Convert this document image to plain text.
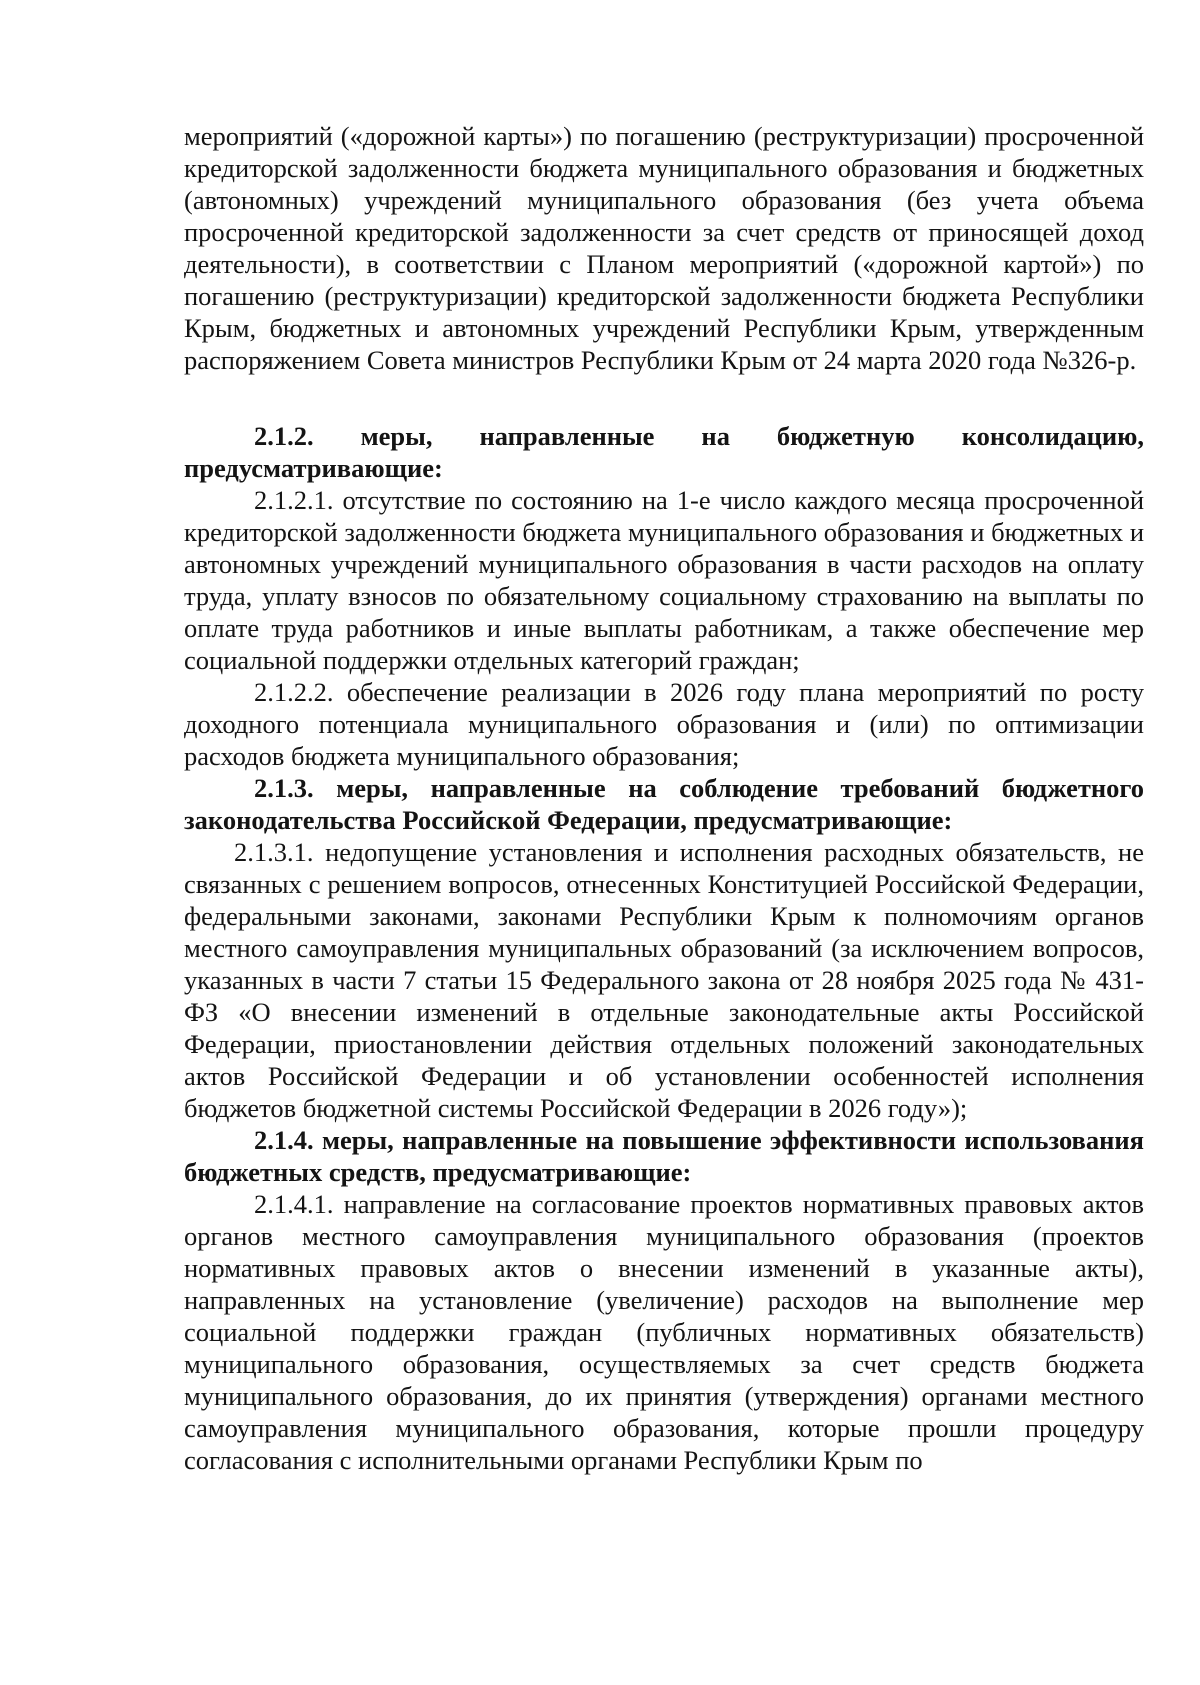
мероприятий («дорожной карты») по погашению (реструктуризации) просроченной кредиторской задолженности бюджета муниципального образования и бюджетных (автономных) учреждений муниципального образования (без учета объема просроченной кредиторской задолженности за счет средств от приносящей доход деятельности), в соответствии с Планом мероприятий («дорожной картой») по погашению (реструктуризации) кредиторской задолженности бюджета Республики Крым, бюджетных и автономных учреждений Республики Крым, утвержденным распоряжением Совета министров Республики Крым от 24 марта 2020 года №326-р.

2.1.2. меры, направленные на бюджетную консолидацию, предусматривающие:

2.1.2.1. отсутствие по состоянию на 1-е число каждого месяца просроченной кредиторской задолженности бюджета муниципального образования и бюджетных и автономных учреждений муниципального образования в части расходов на оплату труда, уплату взносов по обязательному социальному страхованию на выплаты по оплате труда работников и иные выплаты работникам, а также обеспечение мер социальной поддержки отдельных категорий граждан;

2.1.2.2. обеспечение реализации в 2026 году плана мероприятий по росту доходного потенциала муниципального образования и (или) по оптимизации расходов бюджета муниципального образования;

2.1.3. меры, направленные на соблюдение требований бюджетного законодательства Российской Федерации, предусматривающие:

2.1.3.1. недопущение установления и исполнения расходных обязательств, не связанных с решением вопросов, отнесенных Конституцией Российской Федерации, федеральными законами, законами Республики Крым к полномочиям органов местного самоуправления муниципальных образований (за исключением вопросов, указанных в части 7 статьи 15 Федерального закона от 28 ноября 2025 года № 431-ФЗ «О внесении изменений в отдельные законодательные акты Российской Федерации, приостановлении действия отдельных положений законодательных актов Российской Федерации и об установлении особенностей исполнения бюджетов бюджетной системы Российской Федерации в 2026 году»);

2.1.4. меры, направленные на повышение эффективности использования бюджетных средств, предусматривающие:

2.1.4.1. направление на согласование проектов нормативных правовых актов органов местного самоуправления муниципального образования (проектов нормативных правовых актов о внесении изменений в указанные акты), направленных на установление (увеличение) расходов на выполнение мер социальной поддержки граждан (публичных нормативных обязательств) муниципального образования, осуществляемых за счет средств бюджета муниципального образования, до их принятия (утверждения) органами местного самоуправления муниципального образования, которые прошли процедуру согласования с исполнительными органами Республики Крым по
